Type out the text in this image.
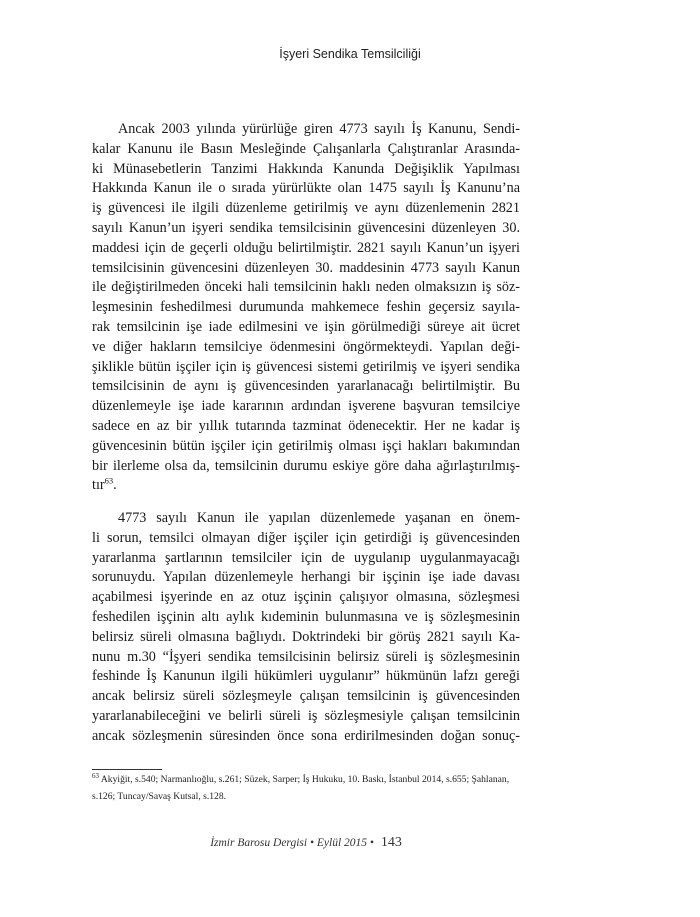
İşyeri Sendika Temsilciliği
Ancak 2003 yılında yürürlüğe giren 4773 sayılı İş Kanunu, Sendi-
kalar Kanunu ile Basın Mesleğinde Çalışanlarla Çalıştıranlar Arasında-
ki Münasebetlerin Tanzimi Hakkında Kanunda Değişiklik Yapılması
Hakkında Kanun ile o sırada yürürlükte olan 1475 sayılı İş Kanunu’na
iş güvencesi ile ilgili düzenleme getirilmiş ve aynı düzenlemenin 2821
sayılı Kanun’un işyeri sendika temsilcisinin güvencesini düzenleyen 30.
maddesi için de geçerli olduğu belirtilmiştir. 2821 sayılı Kanun’un işyeri
temsilcisinin güvencesini düzenleyen 30. maddesinin 4773 sayılı Kanun
ile değiştirilmeden önceki hali temsilcinin haklı neden olmaksızın iş söz-
leşmesinin feshedilmesi durumunda mahkemece feshin geçersiz sayıla-
rak temsilcinin işe iade edilmesini ve işin görülmediği süreye ait ücret
ve diğer hakların temsilciye ödenmesini öngörmekteydi. Yapılan deği-
şiklikle bütün işçiler için iş güvencesi sistemi getirilmiş ve işyeri sendika
temsilcisinin de aynı iş güvencesinden yararlanacağı belirtilmiştir. Bu
düzenlemeyle işe iade kararının ardından işverene başvuran temsilciye
sadece en az bir yıllık tutarında tazminat ödenecektir. Her ne kadar iş
güvencesinin bütün işçiler için getirilmiş olması işçi hakları bakımından
bir ilerleme olsa da, temsilcinin durumu eskiye göre daha ağırlaştırılmış-
tır$^{63}$.
4773 sayılı Kanun ile yapılan düzenlemede yaşanan en önem-
li sorun, temsilci olmayan diğer işçiler için getirdiği iş güvencesinden
yararlanma şartlarının temsilciler için de uygulanıp uygulanmayacağı
sorunuydu. Yapılan düzenlemeyle herhangi bir işçinin işe iade davası
açabilmesi işyerinde en az otuz işçinin çalışıyor olmasına, sözleşmesi
feshedilen işçinin altı aylık kıdeminin bulunmasına ve iş sözleşmesinin
belirsiz süreli olmasına bağlıydı. Doktrindeki bir görüş 2821 sayılı Ka-
nunu m.30 “İşyeri sendika temsilcisinin belirsiz süreli iş sözleşmesinin
feshinde İş Kanunun ilgili hükümleri uygulanır” hükmünün lafzı gereği
ancak belirsiz süreli sözleşmeyle çalışan temsilcinin iş güvencesinden
yararlanabileceğini ve belirli süreli iş sözleşmesiyle çalışan temsilcinin
ancak sözleşmenin süresinden önce sona erdirilmesinden doğan sonuç-
$^{63}$ Akyiğit, s.540; Narmanlıoğlu, s.261; Süzek, Sarper; İş Hukuku, 10. Baskı, İstanbul 2014, s.655; Şahlanan,
s.126; Tuncay/Savaş Kutsal, s.128.
İzmir Barosu Dergisi • Eylül 2015 • 143
